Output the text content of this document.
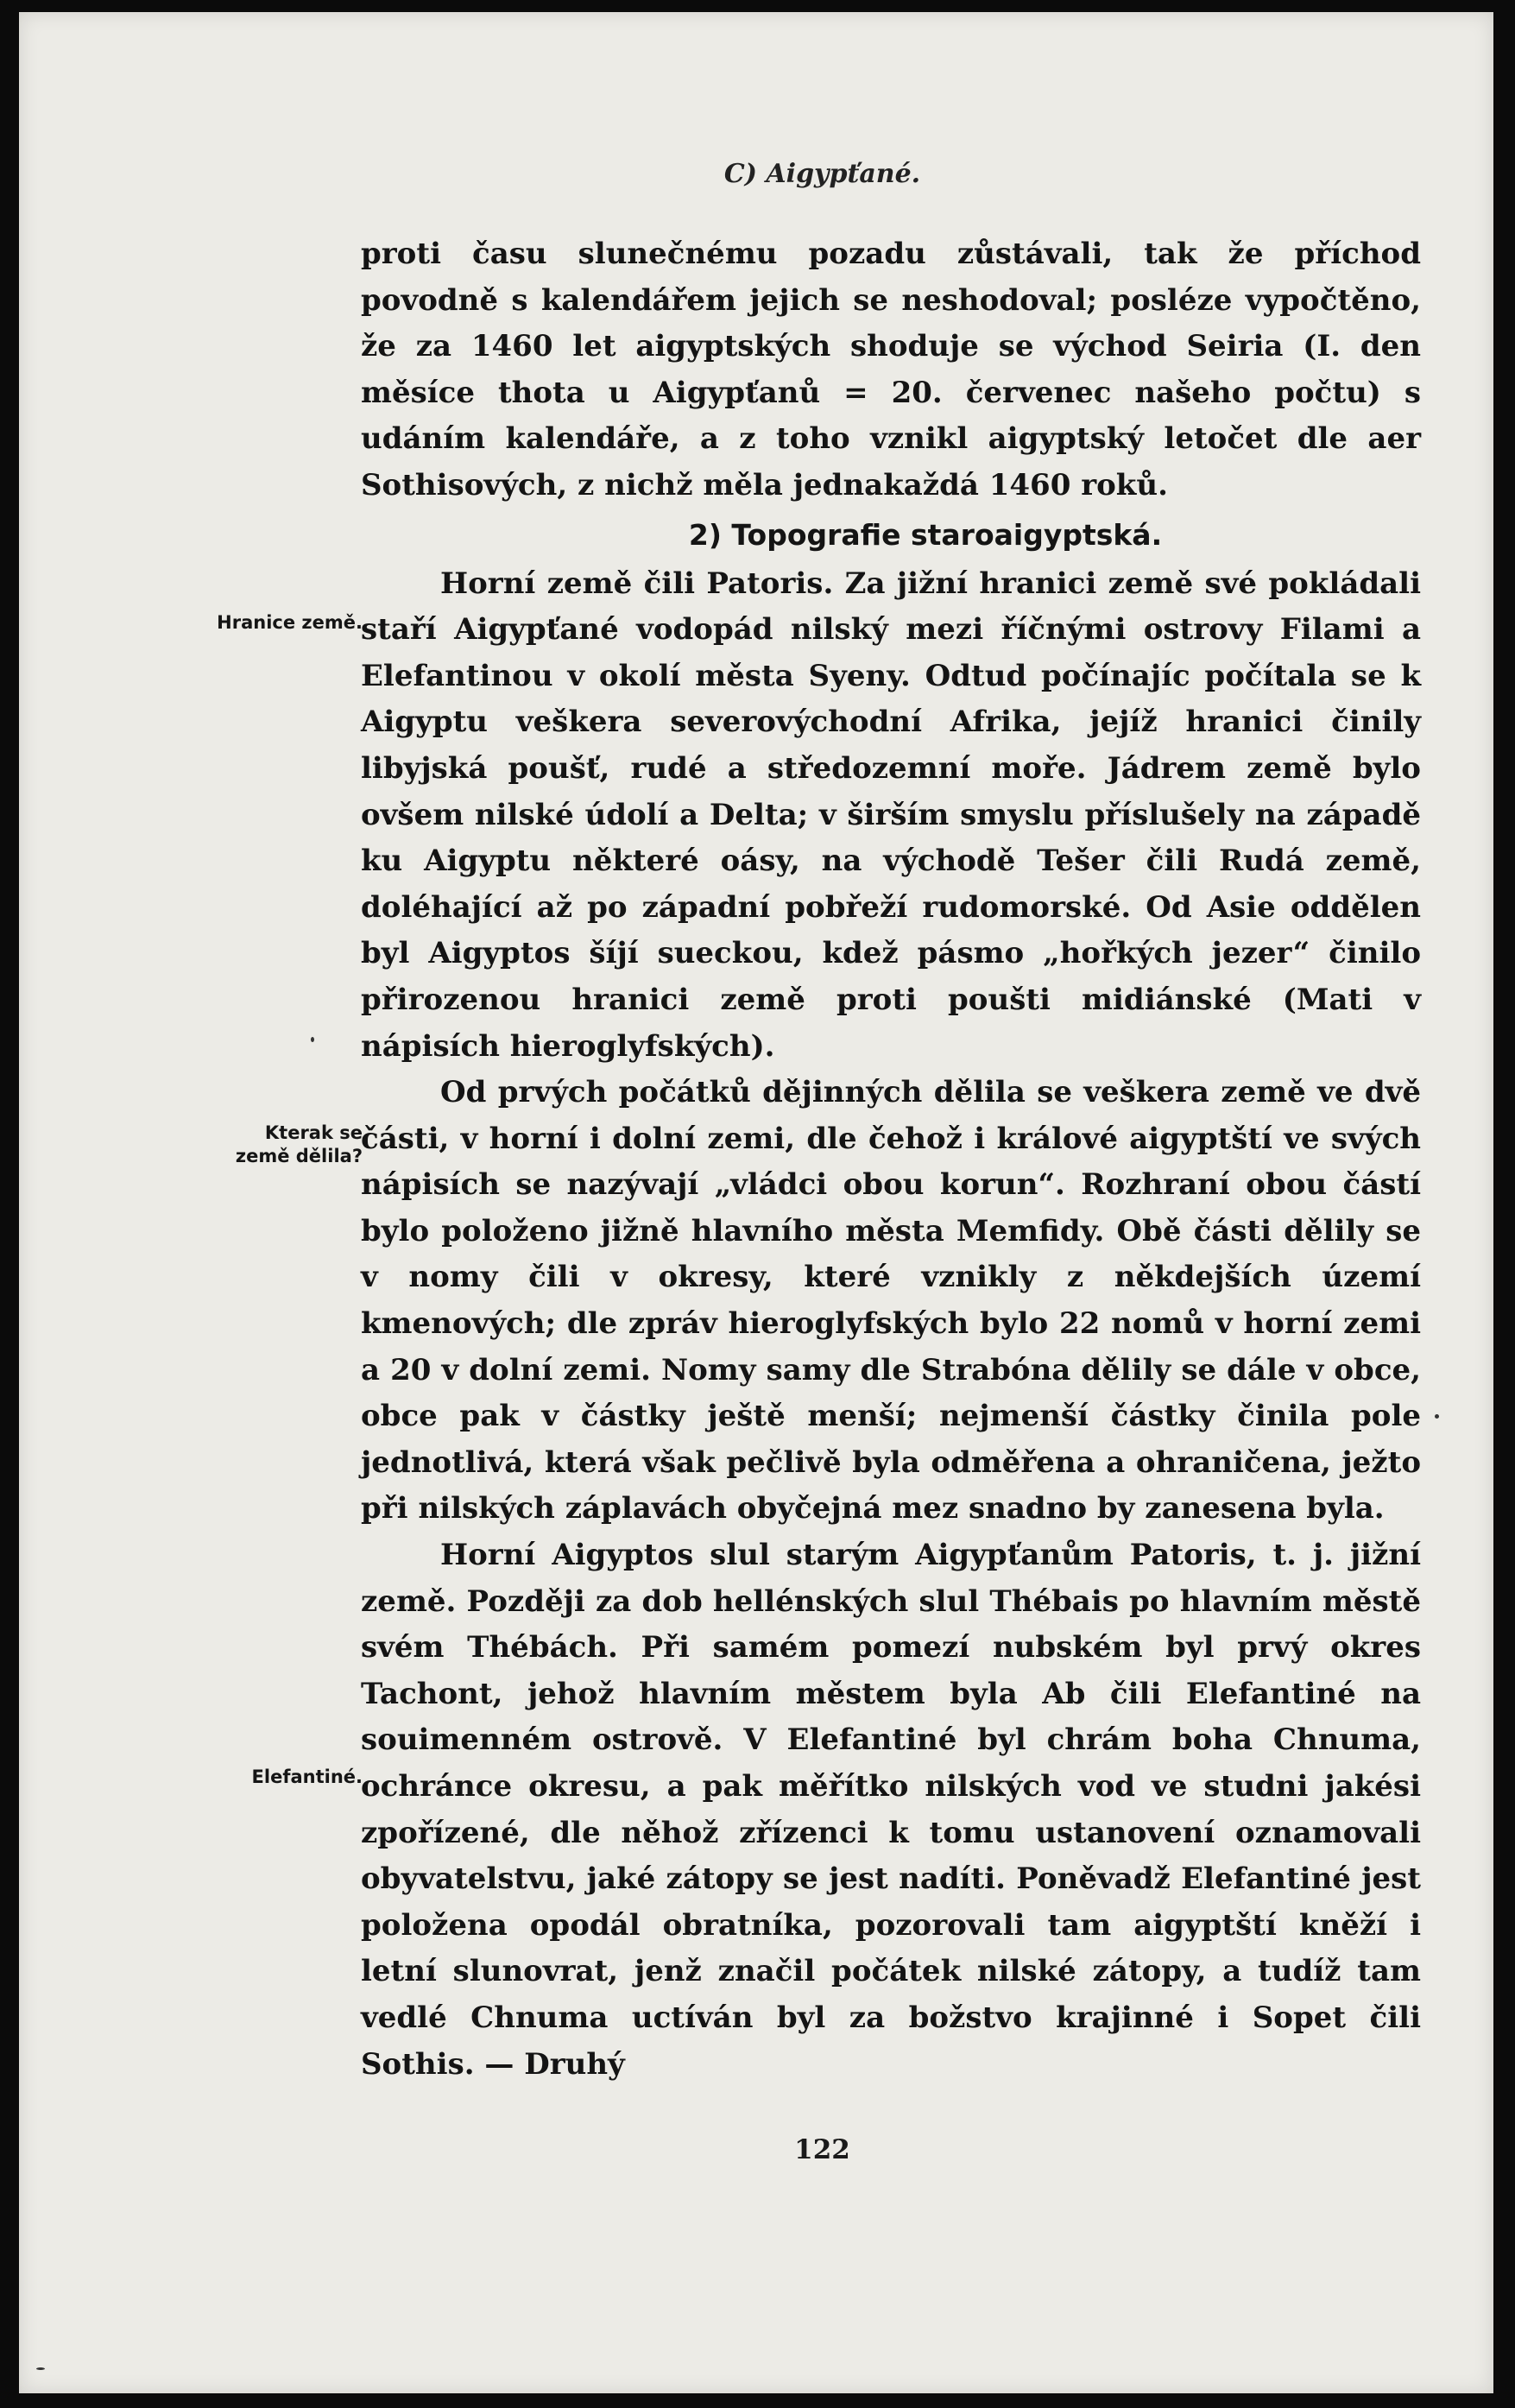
C) Aigypťané.
Hranice země.
Kterak se
země dělila?
Elefantiné.

proti času slunečnému pozadu zůstávali, tak že příchod povodně s kalendářem jejich se neshodoval; posléze vypočtěno, že za 1460 let aigyptských shoduje se východ Seiria (I. den měsíce thota u Aigypťanů = 20. červenec našeho počtu) s udáním kalendáře, a z toho vznikl aigyptský letočet dle aer Sothisových, z nichž měla jednakaždá 1460 roků.

2) Topografie staroaigyptská.

Horní země čili Patoris. Za jižní hranici země své pokládali staří Aigypťané vodopád nilský mezi říčnými ostrovy Filami a Elefantinou v okolí města Syeny. Odtud počínajíc počítala se k Aigyptu veškera severovýchodní Afrika, jejíž hranici činily libyjská poušť, rudé a středozemní moře. Jádrem země bylo ovšem nilské údolí a Delta; v širším smyslu příslušely na západě ku Aigyptu některé oásy, na východě Tešer čili Rudá země, doléhající až po západní pobřeží rudomorské. Od Asie oddělen byl Aigyptos šíjí sueckou, kdež pásmo „hořkých jezer“ činilo přirozenou hranici země proti poušti midiánské (Mati v nápisích hieroglyfských).

Od prvých počátků dějinných dělila se veškera země ve dvě části, v horní i dolní zemi, dle čehož i králové aigyptští ve svých nápisích se nazývají „vládci obou korun“. Rozhraní obou částí bylo položeno jižně hlavního města Memfidy. Obě části dělily se v nomy čili v okresy, které vznikly z někdejších území kmenových; dle zpráv hieroglyfských bylo 22 nomů v horní zemi a 20 v dolní zemi. Nomy samy dle Strabóna dělily se dále v obce, obce pak v částky ještě menší; nejmenší částky činila pole jednotlivá, která však pečlivě byla odměřena a ohraničena, ježto při nilských záplavách obyčejná mez snadno by zanesena byla.

Horní Aigyptos slul starým Aigypťanům Patoris, t. j. jižní země. Později za dob hellénských slul Thébais po hlavním městě svém Thébách. Při samém pomezí nubském byl prvý okres Tachont, jehož hlavním městem byla Ab čili Elefantiné na souimenném ostrově. V Elefantiné byl chrám boha Chnuma, ochránce okresu, a pak měřítko nilských vod ve studni jakési zpořízené, dle něhož zřízenci k tomu ustanovení oznamovali obyvatelstvu, jaké zátopy se jest nadíti. Poněvadž Elefantiné jest položena opodál obratníka, pozorovali tam aigyptští kněží i letní slunovrat, jenž značil počátek nilské zátopy, a tudíž tam vedlé Chnuma uctíván byl za božstvo krajinné i Sopet čili Sothis. — Druhý

122
